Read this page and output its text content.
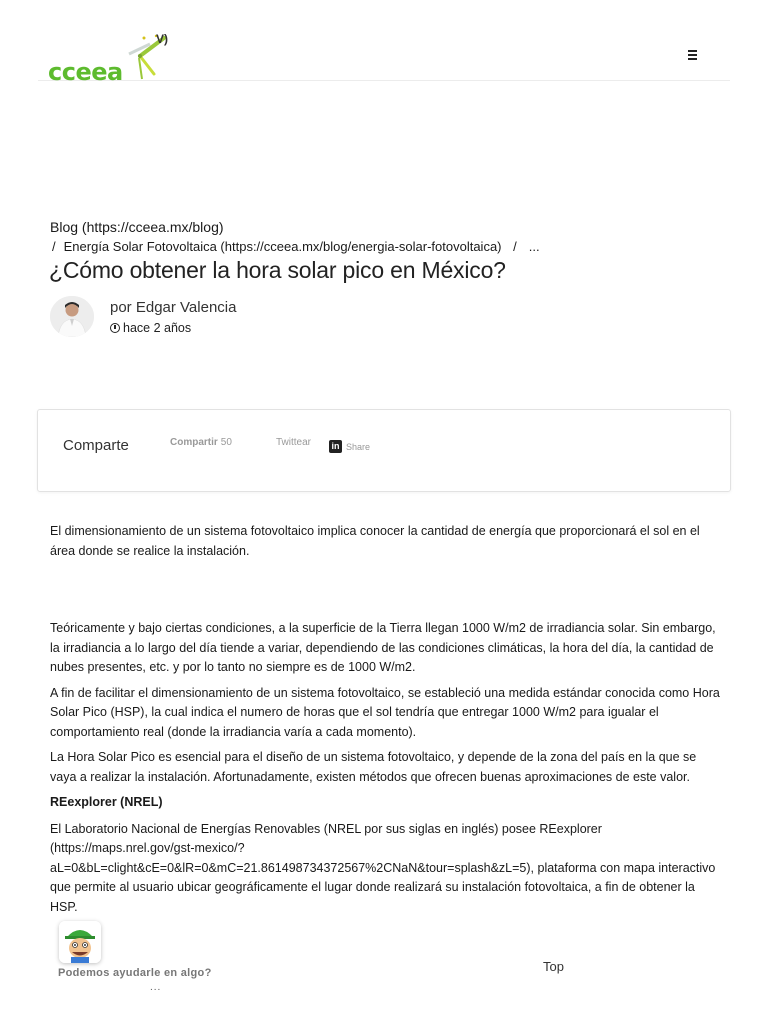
cceea
V)
Blog (https://cceea.mx/blog)
/ Energía Solar Fotovoltaica (https://cceea.mx/blog/energia-solar-fotovoltaica) / ...
¿Cómo obtener la hora solar pico en México?
por Edgar Valencia
hace 2 años
Comparte	Compartir 50	Twittear in Share

El dimensionamiento de un sistema fotovoltaico implica conocer la cantidad de energía que proporcionará el sol en el área donde se realice la instalación.

Teóricamente y bajo ciertas condiciones, a la superficie de la Tierra llegan 1000 W/m2 de irradiancia solar. Sin embargo, la irradiancia a lo largo del día tiende a variar, dependiendo de las condiciones climáticas, la hora del día, la cantidad de nubes presentes, etc. y por lo tanto no siempre es de 1000 W/m2.

A fin de facilitar el dimensionamiento de un sistema fotovoltaico, se estableció una medida estándar conocida como Hora Solar Pico (HSP), la cual indica el numero de horas que el sol tendría que entregar 1000 W/m2 para igualar el comportamiento real (donde la irradiancia varía a cada momento).

La Hora Solar Pico es esencial para el diseño de un sistema fotovoltaico, y depende de la zona del país en la que se vaya a realizar la instalación. Afortunadamente, existen métodos que ofrecen buenas aproximaciones de este valor.

REexplorer (NREL)

El Laboratorio Nacional de Energías Renovables (NREL por sus siglas en inglés) posee REexplorer (https://maps.nrel.gov/gst-mexico/?aL=0&bL=clight&cE=0&lR=0&mC=21.861498734372567%2CNaN&tour=splash&zL=5), plataforma con mapa interactivo que permite al usuario ubicar geográficamente el lugar donde realizará su instalación fotovoltaica, a fin de obtener la HSP.

Podemos ayudarle en algo?
...
Top
